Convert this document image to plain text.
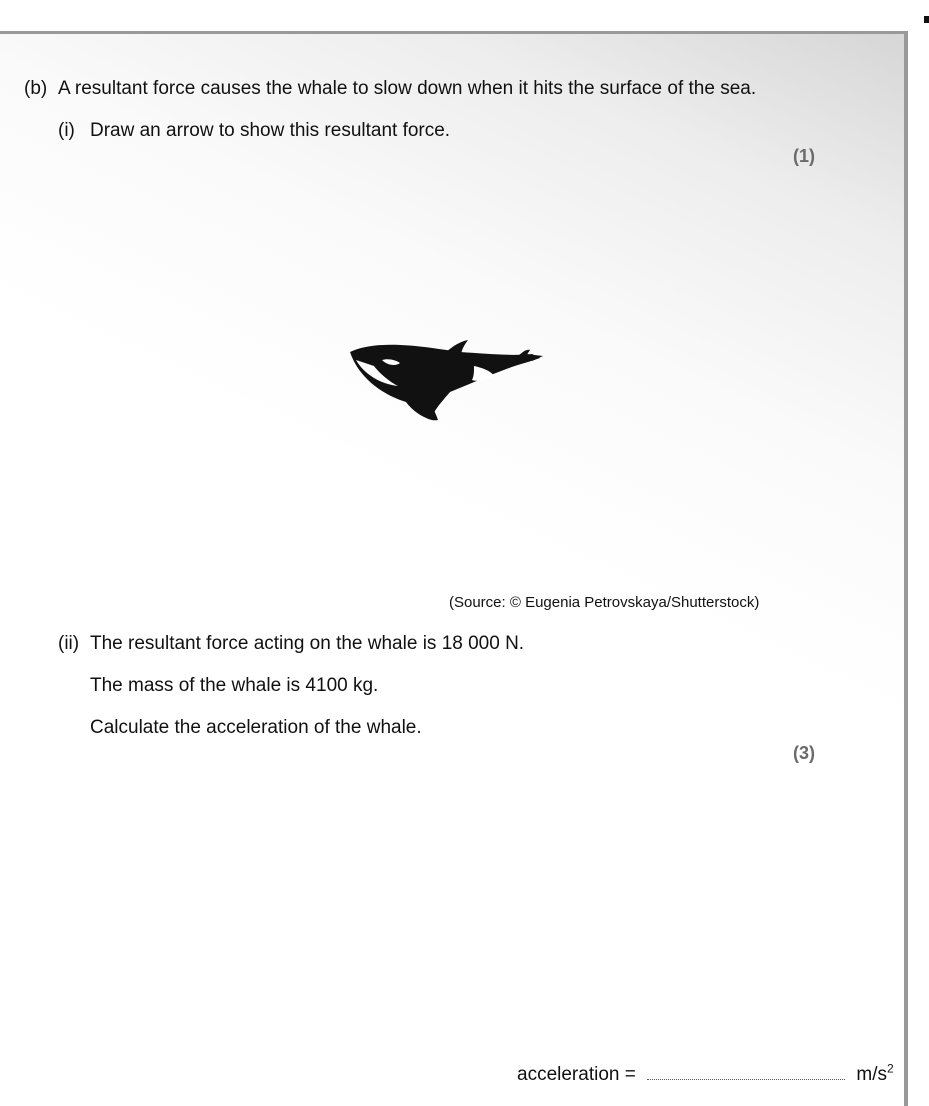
(b) A resultant force causes the whale to slow down when it hits the surface of the sea.
(i) Draw an arrow to show this resultant force.
(1)
(Source: © Eugenia Petrovskaya/Shutterstock)
(ii) The resultant force acting on the whale is 18 000 N.
The mass of the whale is 4100 kg.
Calculate the acceleration of the whale.
(3)
acceleration =	$m/s^2$
